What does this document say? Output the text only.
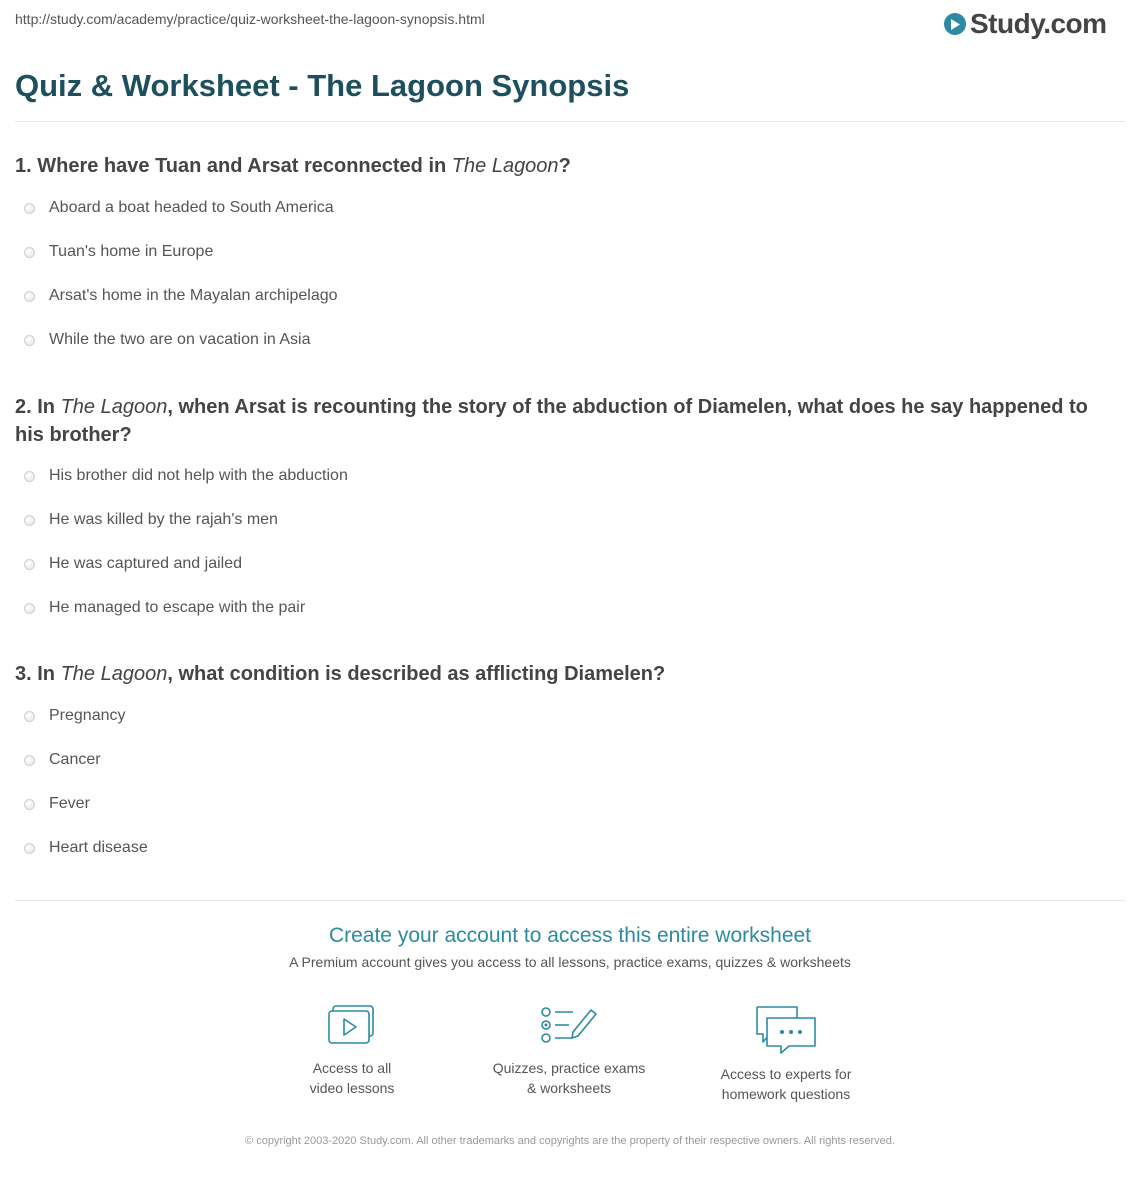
http://study.com/academy/practice/quiz-worksheet-the-lagoon-synopsis.html	Study.com
Quiz & Worksheet - The Lagoon Synopsis
1. Where have Tuan and Arsat reconnected in The Lagoon?
Aboard a boat headed to South America
Tuan's home in Europe
Arsat's home in the Mayalan archipelago
While the two are on vacation in Asia
2. In The Lagoon, when Arsat is recounting the story of the abduction of Diamelen, what does he say happened to his brother?
His brother did not help with the abduction
He was killed by the rajah's men
He was captured and jailed
He managed to escape with the pair
3. In The Lagoon, what condition is described as afflicting Diamelen?
Pregnancy
Cancer
Fever
Heart disease
Create your account to access this entire worksheet
A Premium account gives you access to all lessons, practice exams, quizzes & worksheets
Access to all
video lessons
Quizzes, practice exams
& worksheets
Access to experts for
homework questions
© copyright 2003-2020 Study.com. All other trademarks and copyrights are the property of their respective owners. All rights reserved.
